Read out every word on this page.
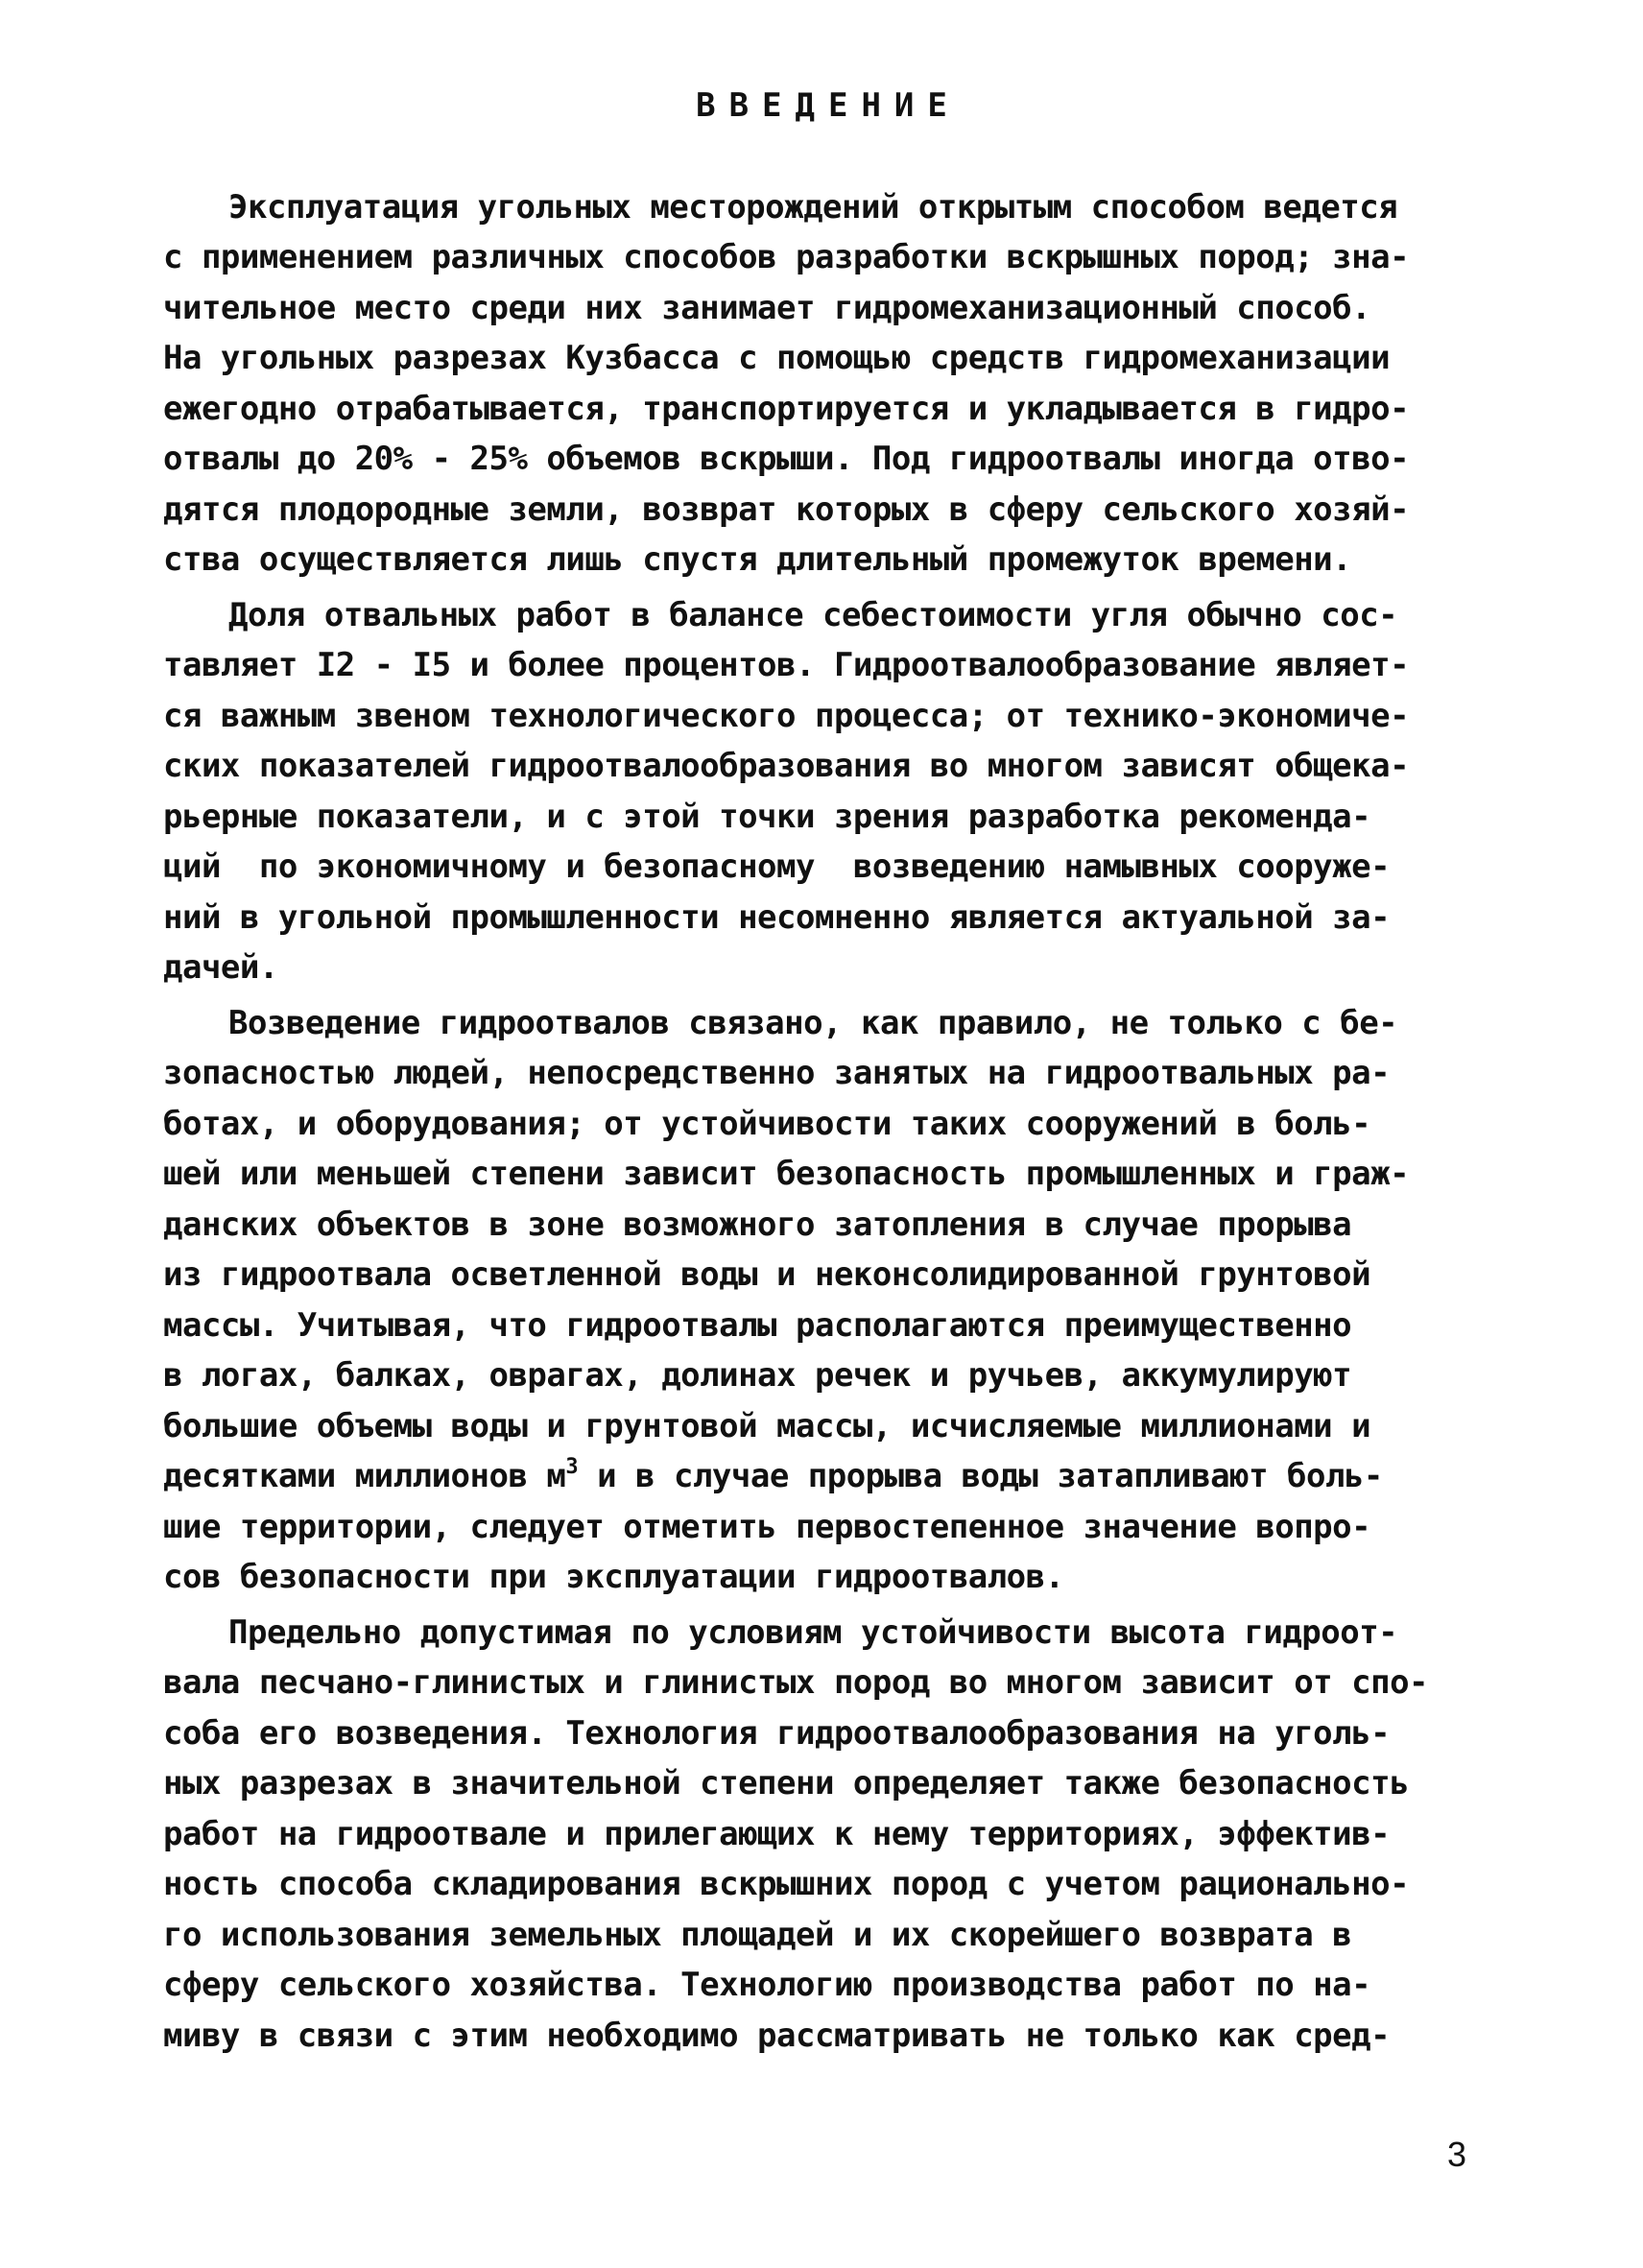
ВВЕДЕНИЕ
Эксплуатация угольных месторождений открытым способом ведется
с применением различных способов разработки вскрышных пород; зна-
чительное место среди них занимает гидромеханизационный способ.
На угольных разрезах Кузбасса с помощью средств гидромеханизации
ежегодно отрабатывается, транспортируется и укладывается в гидро-
отвалы до 20% - 25% объемов вскрыши. Под гидроотвалы иногда отво-
дятся плодородные земли, возврат которых в сферу сельского хозяй-
ства осуществляется лишь спустя длительный промежуток времени.
Доля отвальных работ в балансе себестоимости угля обычно сос-
тавляет I2 - I5 и более процентов. Гидроотвалообразование являет-
ся важным звеном технологического процесса; от технико-экономиче-
ских показателей гидроотвалообразования во многом зависят общека-
рьерные показатели, и с этой точки зрения разработка рекоменда-
ций  по экономичному и безопасному  возведению намывных сооруже-
ний в угольной промышленности несомненно является актуальной за-
дачей.
Возведение гидроотвалов связано, как правило, не только с бе-
зопасностью людей, непосредственно занятых на гидроотвальных ра-
ботах, и оборудования; от устойчивости таких сооружений в боль-
шей или меньшей степени зависит безопасность промышленных и граж-
данских объектов в зоне возможного затопления в случае прорыва
из гидроотвала осветленной воды и неконсолидированной грунтовой
массы. Учитывая, что гидроотвалы располагаются преимущественно
в логах, балках, оврагах, долинах речек и ручьев, аккумулируют
большие объемы воды и грунтовой массы, исчисляемые миллионами и
десятками миллионов $м^3$ и в случае прорыва воды затапливают боль-
шие территории, следует отметить первостепенное значение вопро-
сов безопасности при эксплуатации гидроотвалов.
Предельно допустимая по условиям устойчивости высота гидроот-
вала песчано-глинистых и глинистых пород во многом зависит от спо-
соба его возведения. Технология гидроотвалообразования на уголь-
ных разрезах в значительной степени определяет также безопасность
работ на гидроотвале и прилегающих к нему территориях, эффектив-
ность способа складирования вскрышних пород с учетом рационально-
го использования земельных площадей и их скорейшего возврата в
сферу сельского хозяйства. Технологию производства работ по на-
миву в связи с этим необходимо рассматривать не только как сред-
3
